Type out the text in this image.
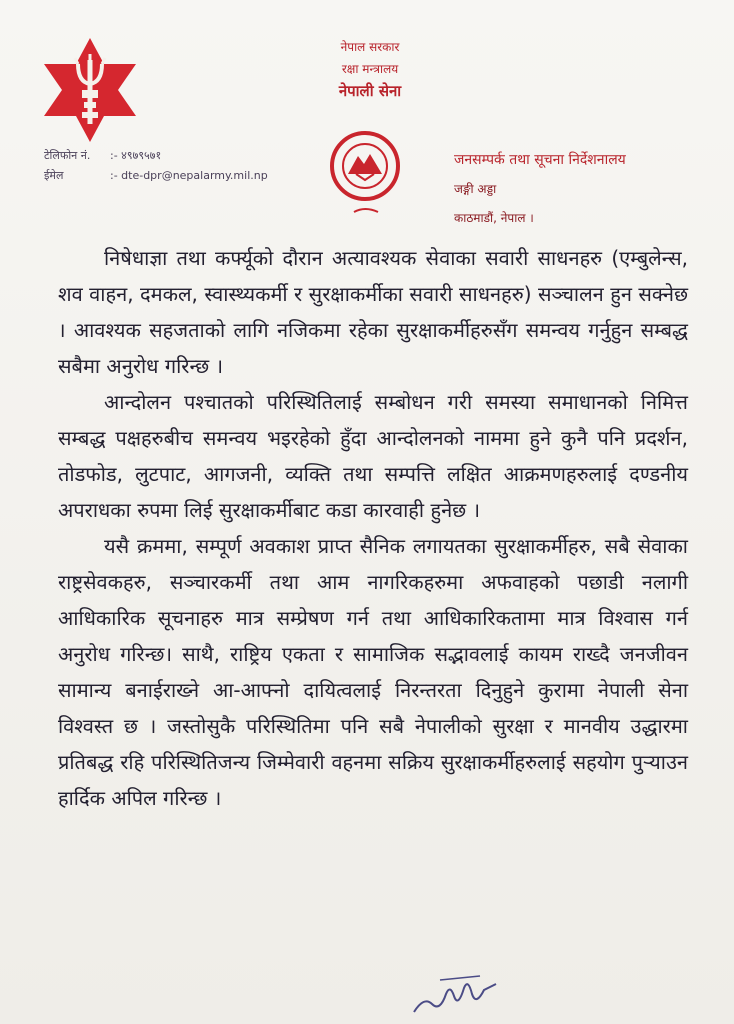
नेपाल सरकार
रक्षा मन्त्रालय
नेपाली सेना
टेलिफोन नं.	:- ४९७९५७१
ईमेल	:- dte-dpr@nepalarmy.mil.np
जनसम्पर्क तथा सूचना निर्देशनालय
जङ्गी अड्डा
काठमाडौं, नेपाल ।

निषेधाज्ञा तथा कर्फ्यूको दौरान अत्यावश्यक सेवाका सवारी साधनहरु (एम्बुलेन्स, शव वाहन, दमकल, स्वास्थ्यकर्मी र सुरक्षाकर्मीका सवारी साधनहरु) सञ्चालन हुन सक्नेछ । आवश्यक सहजताको लागि नजिकमा रहेका सुरक्षाकर्मीहरुसँग समन्वय गर्नुहुन सम्बद्ध सबैमा अनुरोध गरिन्छ ।

आन्दोलन पश्चातको परिस्थितिलाई सम्बोधन गरी समस्या समाधानको निमित्त सम्बद्ध पक्षहरुबीच समन्वय भइरहेको हुँदा आन्दोलनको नाममा हुने कुनै पनि प्रदर्शन, तोडफोड, लुटपाट, आगजनी, व्यक्ति तथा सम्पत्ति लक्षित आक्रमणहरुलाई दण्डनीय अपराधका रुपमा लिई सुरक्षाकर्मीबाट कडा कारवाही हुनेछ ।

यसै क्रममा, सम्पूर्ण अवकाश प्राप्त सैनिक लगायतका सुरक्षाकर्मीहरु, सबै सेवाका राष्ट्रसेवकहरु, सञ्चारकर्मी तथा आम नागरिकहरुमा अफवाहको पछाडी नलागी आधिकारिक सूचनाहरु मात्र सम्प्रेषण गर्न तथा आधिकारिकतामा मात्र विश्वास गर्न अनुरोध गरिन्छ। साथै, राष्ट्रिय एकता र सामाजिक सद्भावलाई कायम राख्दै जनजीवन सामान्य बनाईराख्ने आ-आफ्नो दायित्वलाई निरन्तरता दिनुहुने कुरामा नेपाली सेना विश्वस्त छ । जस्तोसुकै परिस्थितिमा पनि सबै नेपालीको सुरक्षा र मानवीय उद्धारमा प्रतिबद्ध रहि परिस्थितिजन्य जिम्मेवारी वहनमा सक्रिय सुरक्षाकर्मीहरुलाई सहयोग पुर्‍याउन हार्दिक अपिल गरिन्छ ।
